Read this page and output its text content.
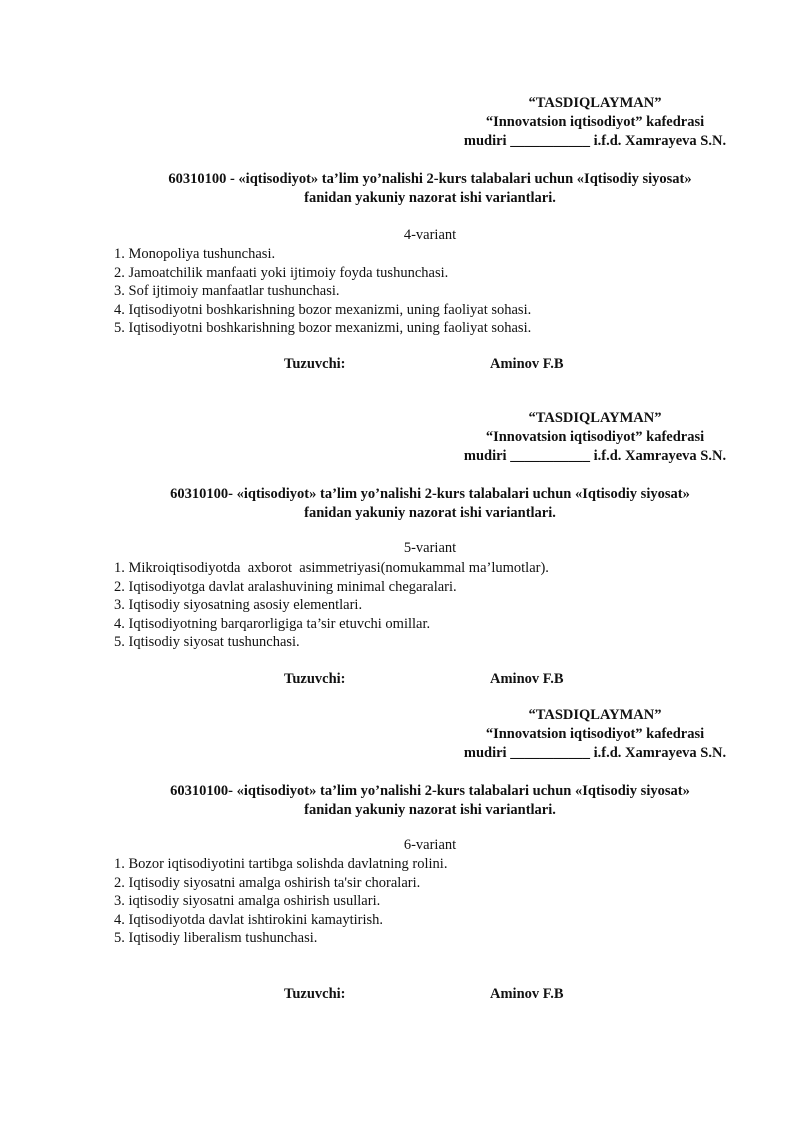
“TASDIQLAYMAN”
“Innovatsion iqtisodiyot” kafedrasi
mudiri ___________ i.f.d. Xamrayeva S.N.
60310100 - «iqtisodiyot» ta’lim yo’nalishi 2-kurs talabalari uchun «Iqtisodiy siyosat»
fanidan yakuniy nazorat ishi variantlari.
4-variant
1. Monopoliya tushunchasi.
2. Jamoatchilik manfaati yoki ijtimoiy foyda tushunchasi.
3. Sof ijtimoiy manfaatlar tushunchasi.
4. Iqtisodiyotni boshkarishning bozor mexanizmi, uning faoliyat sohasi.
5. Iqtisodiyotni boshkarishning bozor mexanizmi, uning faoliyat sohasi.
Tuzuvchi:	Aminov F.B
“TASDIQLAYMAN”
“Innovatsion iqtisodiyot” kafedrasi
mudiri ___________ i.f.d. Xamrayeva S.N.
60310100- «iqtisodiyot» ta’lim yo’nalishi 2-kurs talabalari uchun «Iqtisodiy siyosat»
fanidan yakuniy nazorat ishi variantlari.
5-variant
1. Mikroiqtisodiyotda  axborot  asimmetriyasi(nomukammal ma’lumotlar).
2. Iqtisodiyotga davlat aralashuvining minimal chegaralari.
3. Iqtisodiy siyosatning asosiy elementlari.
4. Iqtisodiyotning barqarorligiga ta’sir etuvchi omillar.
5. Iqtisodiy siyosat tushunchasi.
Tuzuvchi:	Aminov F.B
“TASDIQLAYMAN”
“Innovatsion iqtisodiyot” kafedrasi
mudiri ___________ i.f.d. Xamrayeva S.N.
60310100- «iqtisodiyot» ta’lim yo’nalishi 2-kurs talabalari uchun «Iqtisodiy siyosat»
fanidan yakuniy nazorat ishi variantlari.
6-variant
1. Bozor iqtisodiyotini tartibga solishda davlatning rolini.
2. Iqtisodiy siyosatni amalga oshirish ta'sir choralari.
3. iqtisodiy siyosatni amalga oshirish usullari.
4. Iqtisodiyotda davlat ishtirokini kamaytirish.
5. Iqtisodiy liberalism tushunchasi.
Tuzuvchi:	Aminov F.B
